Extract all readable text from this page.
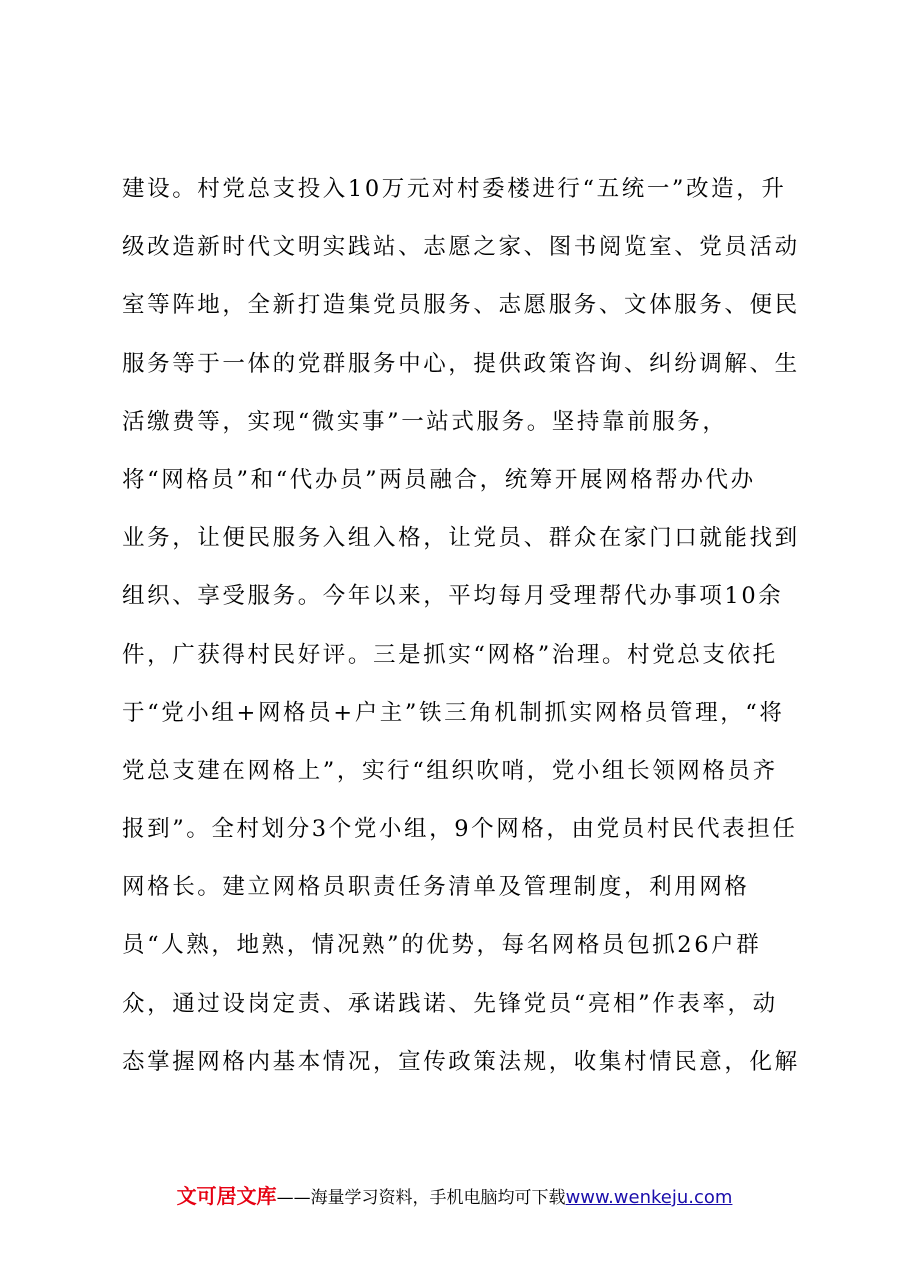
建设。村党总支投入10万元对村委楼进行“五统一”改造，升
级改造新时代文明实践站、志愿之家、图书阅览室、党员活动
室等阵地，全新打造集党员服务、志愿服务、文体服务、便民
服务等于一体的党群服务中心，提供政策咨询、纠纷调解、生
活缴费等，实现“微实事”一站式服务。坚持靠前服务，
将“网格员”和“代办员”两员融合，统筹开展网格帮办代办
业务，让便民服务入组入格，让党员、群众在家门口就能找到
组织、享受服务。今年以来，平均每月受理帮代办事项10余
件，广获得村民好评。三是抓实“网格”治理。村党总支依托
于“党小组+网格员+户主”铁三角机制抓实网格员管理，“将
党总支建在网格上”，实行“组织吹哨，党小组长领网格员齐
报到”。全村划分3个党小组，9个网格，由党员村民代表担任
网格长。建立网格员职责任务清单及管理制度，利用网格
员“人熟，地熟，情况熟”的优势，每名网格员包抓26户群
众，通过设岗定责、承诺践诺、先锋党员“亮相”作表率，动
态掌握网格内基本情况，宣传政策法规，收集村情民意，化解
文可居文库——海量学习资料，手机电脑均可下载www.wenkeju.com
